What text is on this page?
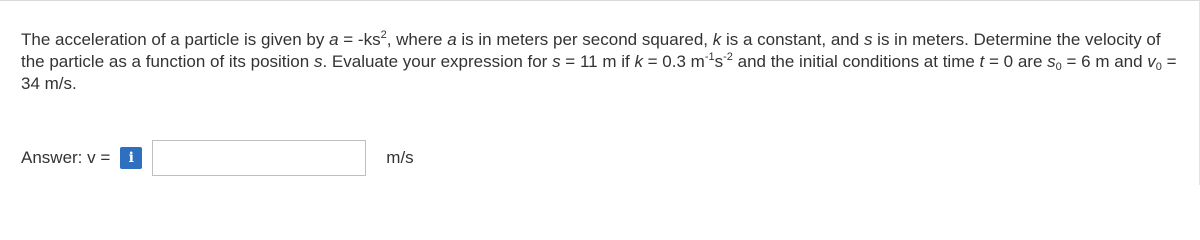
The acceleration of a particle is given by $a = -ks^2$, where a is in meters per second squared, k is a constant, and s is in meters. Determine the velocity of the particle as a function of its position s. Evaluate your expression for s = 11 m if k = 0.3 $m^{-1}s^{-2}$ and the initial conditions at time t = 0 are $s_0 = 6$ m and $v_0 = 34$ m/s.
Answer: v =	i	m/s
